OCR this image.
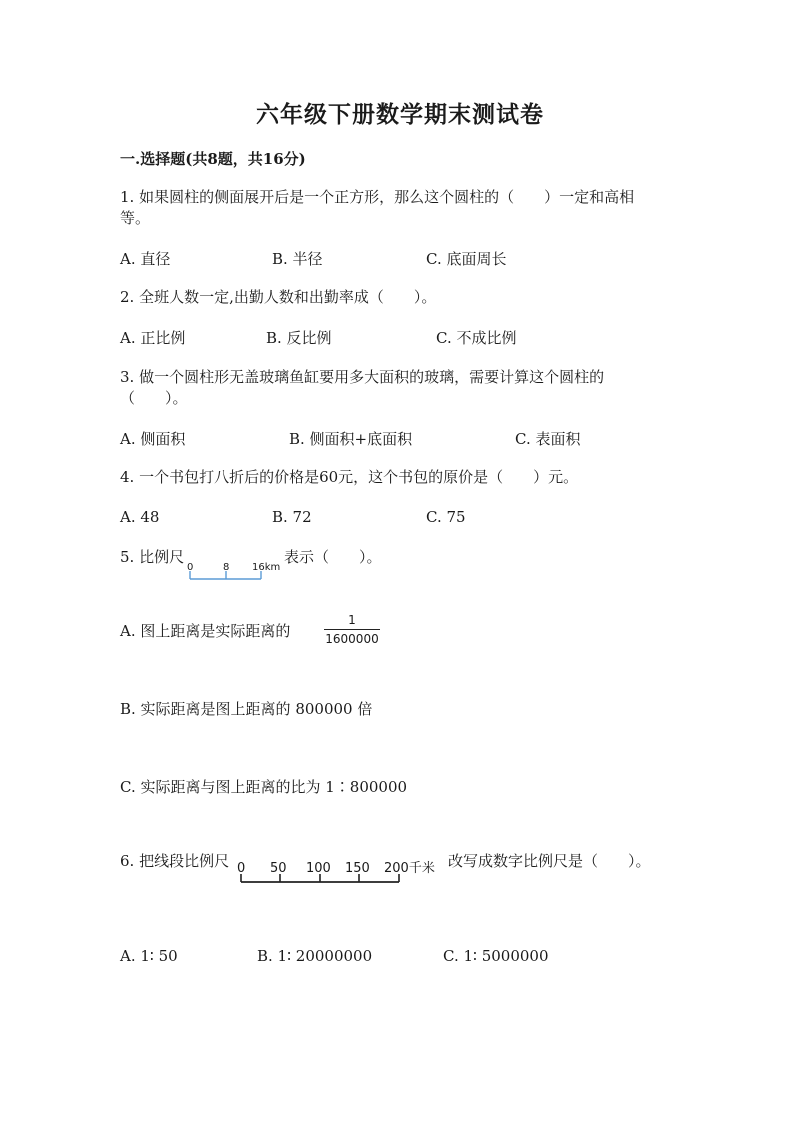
六年级下册数学期末测试卷
一.选择题(共8题，共16分)
1. 如果圆柱的侧面展开后是一个正方形，那么这个圆柱的（　　）一定和高相
等。
A. 直径	B. 半径	C. 底面周长
2. 全班人数一定,出勤人数和出勤率成（　　）。
A. 正比例	B. 反比例	C. 不成比例
3. 做一个圆柱形无盖玻璃鱼缸要用多大面积的玻璃，需要计算这个圆柱的
（　　）。
A. 侧面积	B. 侧面积+底面积	C. 表面积
4. 一个书包打八折后的价格是60元，这个书包的原价是（　　）元。
A. 48	B. 72	C. 75
5. 比例尺
0	8 16km
表示（　　）。
A. 图上距离是实际距离的
1
1600000
B. 实际距离是图上距离的 800000 倍
C. 实际距离与图上距离的比为 1∶800000
6. 把线段比例尺 0 50 100 150 200千米 改写成数字比例尺是（　　）。
A. 1∶ 50	B. 1∶ 20000000	C. 1∶ 5000000
